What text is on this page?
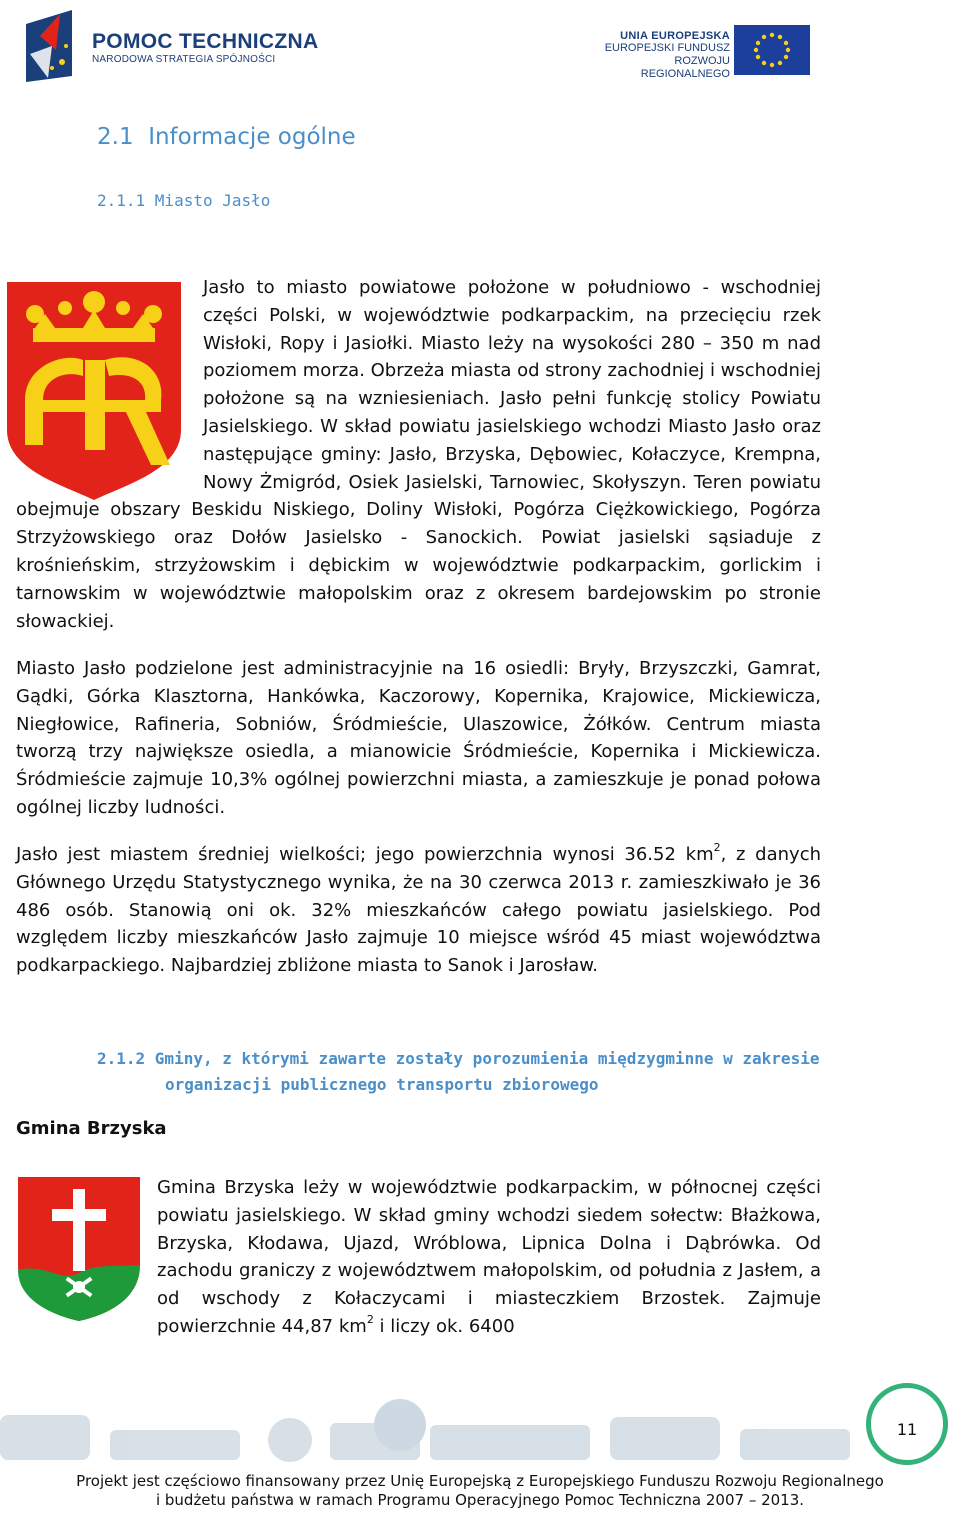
POMOC TECHNICZNA
NARODOWA STRATEGIA SPÓJNOŚCI
UNIA EUROPEJSKA
EUROPEJSKI FUNDUSZ
ROZWOJU REGIONALNEGO
2.1  Informacje ogólne
2.1.1 Miasto Jasło
Jasło to miasto powiatowe położone w południowo - wschodniej części Polski, w województwie podkarpackim, na przecięciu rzek Wisłoki, Ropy i Jasiołki. Miasto leży na wysokości 280 – 350 m nad poziomem morza. Obrzeża miasta od strony zachodniej i wschodniej położone są na wzniesieniach. Jasło pełni funkcję stolicy Powiatu Jasielskiego. W skład powiatu jasielskiego wchodzi Miasto Jasło oraz następujące gminy: Jasło, Brzyska, Dębowiec, Kołaczyce, Krempna, Nowy Żmigród, Osiek Jasielski, Tarnowiec, Skołyszyn. Teren powiatu obejmuje obszary Beskidu Niskiego, Doliny Wisłoki, Pogórza Ciężkowickiego, Pogórza Strzyżowskiego oraz Dołów Jasielsko - Sanockich. Powiat jasielski sąsiaduje z krośnieńskim, strzyżowskim i dębickim w województwie podkarpackim, gorlickim i tarnowskim w województwie małopolskim oraz z okresem bardejowskim po stronie słowackiej.
Miasto Jasło podzielone jest administracyjnie na 16 osiedli: Bryły, Brzyszczki, Gamrat, Gądki, Górka Klasztorna, Hankówka, Kaczorowy, Kopernika, Krajowice, Mickiewicza, Niegłowice, Rafineria, Sobniów, Śródmieście, Ulaszowice, Żółków. Centrum miasta tworzą trzy największe osiedla, a mianowicie Śródmieście, Kopernika i Mickiewicza. Śródmieście zajmuje 10,3% ogólnej powierzchni miasta, a zamieszkuje je ponad połowa ogólnej liczby ludności.
Jasło jest miastem średniej wielkości; jego powierzchnia wynosi 36.52 $km^2$, z danych Głównego Urzędu Statystycznego wynika, że na 30 czerwca 2013 r. zamieszkiwało je 36 486 osób. Stanowią oni ok. 32% mieszkańców całego powiatu jasielskiego. Pod względem liczby mieszkańców Jasło zajmuje 10 miejsce wśród 45 miast województwa podkarpackiego. Najbardziej zbliżone miasta to Sanok i Jarosław.
2.1.2 Gminy, z którymi zawarte zostały porozumienia międzygminne w zakresie
organizacji publicznego transportu zbiorowego
Gmina Brzyska
Gmina Brzyska leży w województwie podkarpackim, w północnej części powiatu jasielskiego. W skład gminy wchodzi siedem sołectw: Błażkowa, Brzyska, Kłodawa, Ujazd, Wróblowa, Lipnica Dolna i Dąbrówka. Od zachodu graniczy z województwem małopolskim, od południa z Jasłem, a od wschody z Kołaczycami i miasteczkiem Brzostek. Zajmuje powierzchnie 44,87 $km^2$ i liczy ok. 6400
11
Projekt jest częściowo finansowany przez Unię Europejską z Europejskiego Funduszu Rozwoju Regionalnego
i budżetu państwa w ramach Programu Operacyjnego Pomoc Techniczna 2007 – 2013.
